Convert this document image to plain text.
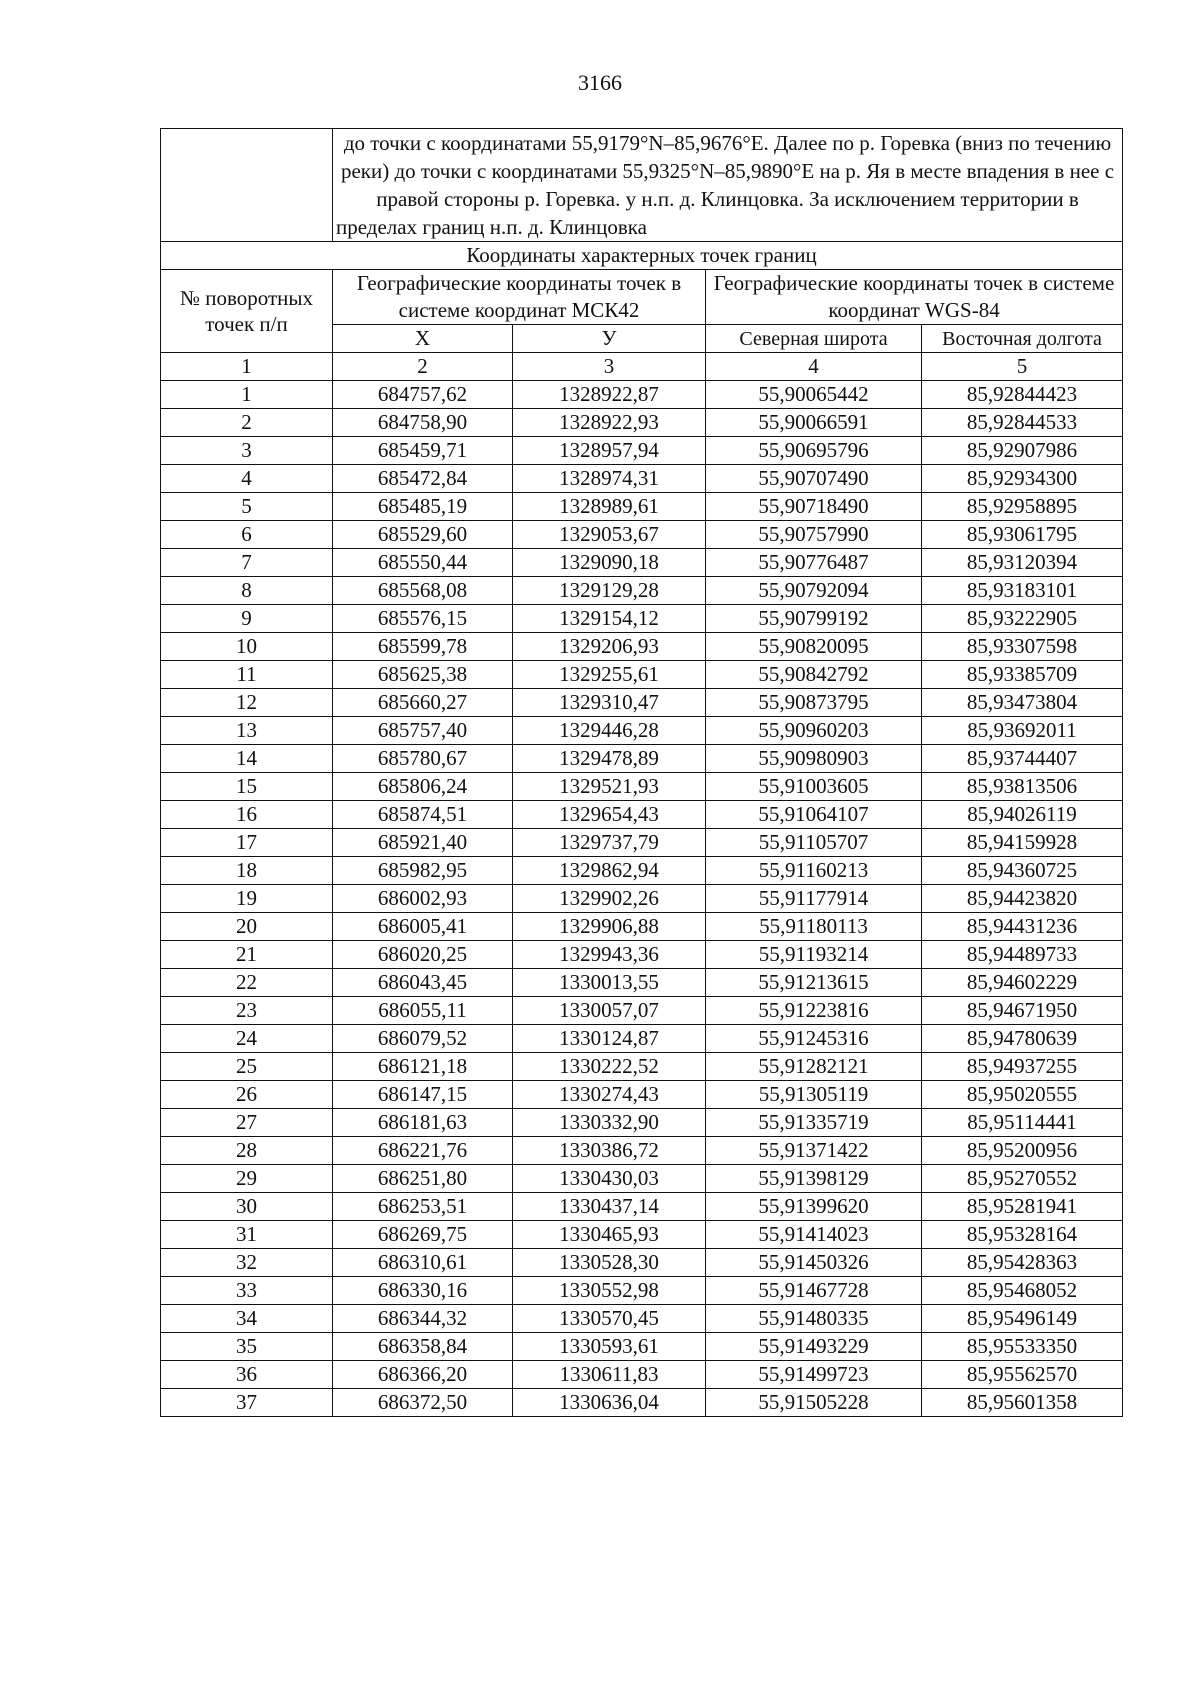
3166
	до точки с координатами 55,9179°N–85,9676°E. Далее по р. Горевка (вниз по течению реки) до точки с координатами 55,9325°N–85,9890°E на р. Яя в месте впадения в нее с правой стороны р. Горевка. у н.п. д. Клинцовка. За исключением территории в пределах границ н.п. д. Клинцовка			
Координаты характерных точек границ				
№ поворотных точек п/п	Географические координаты точек в системе координат МСК42		Географические координаты точек в системе координат WGS-84	
	X	У	Северная широта	Восточная долгота
1	2	3	4	5
1	684757,62	1328922,87	55,90065442	85,92844423
2	684758,90	1328922,93	55,90066591	85,92844533
3	685459,71	1328957,94	55,90695796	85,92907986
4	685472,84	1328974,31	55,90707490	85,92934300
5	685485,19	1328989,61	55,90718490	85,92958895
6	685529,60	1329053,67	55,90757990	85,93061795
7	685550,44	1329090,18	55,90776487	85,93120394
8	685568,08	1329129,28	55,90792094	85,93183101
9	685576,15	1329154,12	55,90799192	85,93222905
10	685599,78	1329206,93	55,90820095	85,93307598
11	685625,38	1329255,61	55,90842792	85,93385709
12	685660,27	1329310,47	55,90873795	85,93473804
13	685757,40	1329446,28	55,90960203	85,93692011
14	685780,67	1329478,89	55,90980903	85,93744407
15	685806,24	1329521,93	55,91003605	85,93813506
16	685874,51	1329654,43	55,91064107	85,94026119
17	685921,40	1329737,79	55,91105707	85,94159928
18	685982,95	1329862,94	55,91160213	85,94360725
19	686002,93	1329902,26	55,91177914	85,94423820
20	686005,41	1329906,88	55,91180113	85,94431236
21	686020,25	1329943,36	55,91193214	85,94489733
22	686043,45	1330013,55	55,91213615	85,94602229
23	686055,11	1330057,07	55,91223816	85,94671950
24	686079,52	1330124,87	55,91245316	85,94780639
25	686121,18	1330222,52	55,91282121	85,94937255
26	686147,15	1330274,43	55,91305119	85,95020555
27	686181,63	1330332,90	55,91335719	85,95114441
28	686221,76	1330386,72	55,91371422	85,95200956
29	686251,80	1330430,03	55,91398129	85,95270552
30	686253,51	1330437,14	55,91399620	85,95281941
31	686269,75	1330465,93	55,91414023	85,95328164
32	686310,61	1330528,30	55,91450326	85,95428363
33	686330,16	1330552,98	55,91467728	85,95468052
34	686344,32	1330570,45	55,91480335	85,95496149
35	686358,84	1330593,61	55,91493229	85,95533350
36	686366,20	1330611,83	55,91499723	85,95562570
37	686372,50	1330636,04	55,91505228	85,95601358
